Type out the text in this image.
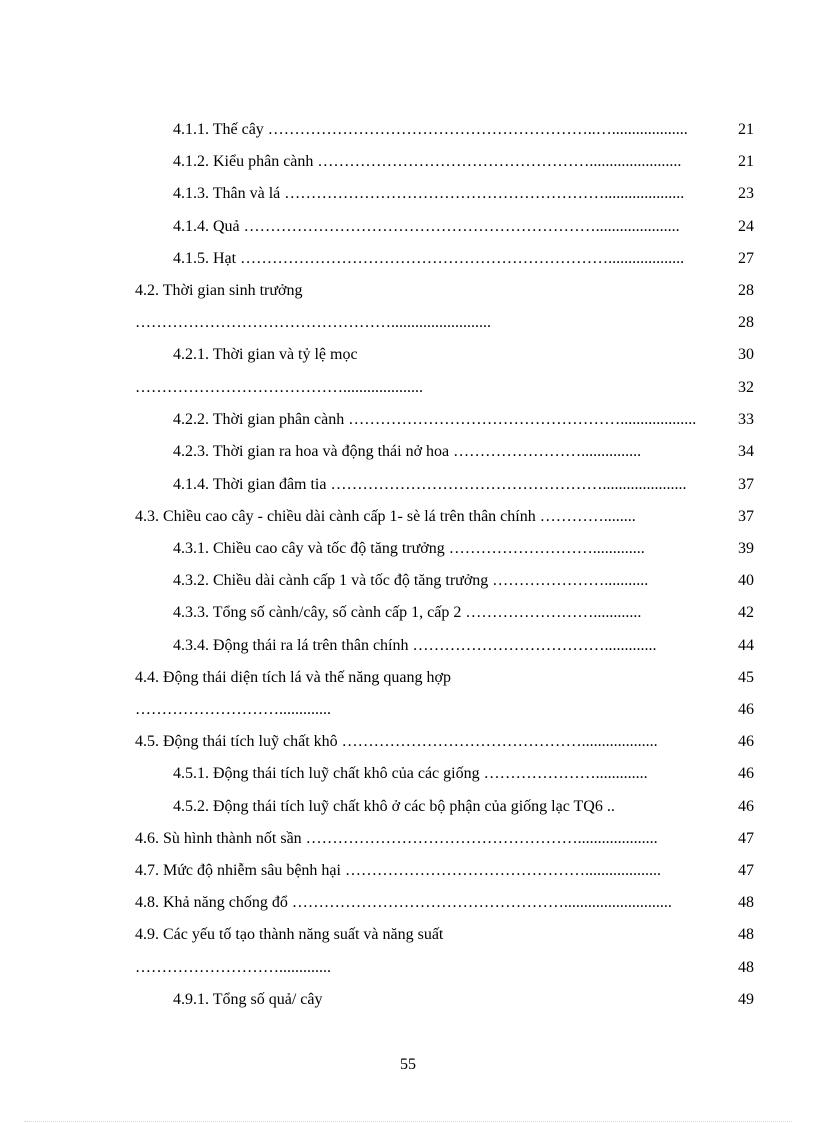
4.1.1. Thế cây ……………………………………………………..…...................	21
4.1.2. Kiểu phân cành …………………………………………….......................	21
4.1.3. Thân và lá ……………………………………………………....................	23
4.1.4. Quả ………………………………………………………….....................	24
4.1.5. Hạt ……………………………………………………………...................	27
4.2. Thời gian sinh trưởng	28
………………………………………….........................	28
4.2.1. Thời gian và tỷ lệ mọc	30
…………………………………....................	32
4.2.2. Thời gian phân cành ……………………………………………...................	33
4.2.3. Thời gian ra hoa và động thái nở hoa ……………………...............	34
4.1.4. Thời gian đâm tia …………………………………………….....................	37
4.3. Chiều cao cây - chiều dài cành cấp 1- sè lá trên thân chính …………........	37
4.3.1. Chiều cao cây và tốc độ tăng trưởng ……………………….............	39
4.3.2. Chiều dài cành cấp 1 và tốc độ tăng trưởng …………………...........	40
4.3.3. Tổng số cành/cây, số cành cấp 1, cấp 2 ……………………............	42
4.3.4. Động thái ra lá trên thân chính ……………………………….............	44
4.4. Động thái diện tích lá và thế năng quang hợp	45
……………………….............	46
4.5. Động thái tích luỹ chất khô ………………………………………...................	46
4.5.1. Động thái tích luỹ chất khô của các giống ………………….............	46
4.5.2. Động thái tích luỹ chất khô ở các bộ phận của giống lạc TQ6 ..	46
4.6. Sù hình thành nốt sần ……………………………………………....................	47
4.7. Mức độ nhiễm sâu bệnh hại ………………………………………...................	47
4.8. Khả năng chống đổ ……………………………………………...........................	48
4.9. Các yếu tố tạo thành năng suất và năng suất	48
……………………….............	48
4.9.1. Tổng số quả/ cây	49
55
